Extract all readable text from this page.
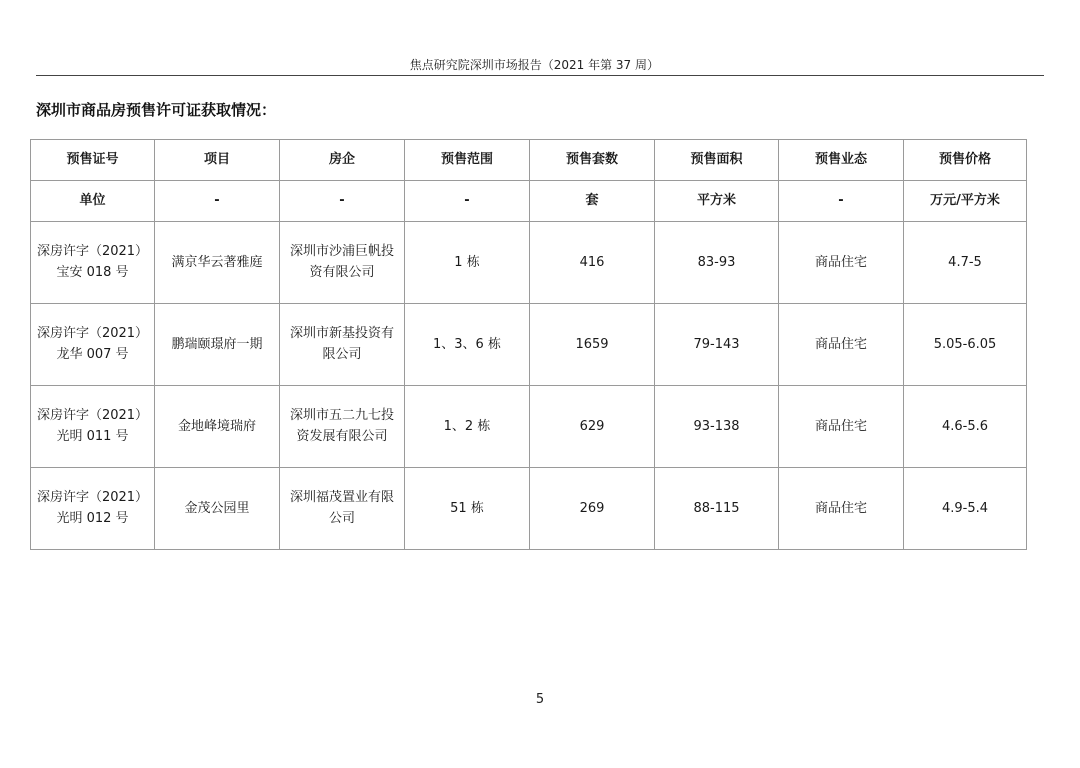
焦点研究院深圳市场报告（2021 年第 37 周）
深圳市商品房预售许可证获取情况：
预售证号	项目	房企	预售范围	预售套数	预售面积	预售业态	预售价格
单位	-	-	-	套	平方米	-	万元/平方米

深房许字（2021）
宝安 018 号	满京华云著雅庭	深圳市沙浦巨帆投
资有限公司	1 栋	416	83-93	商品住宅	4.7-5

深房许字（2021）
龙华 007 号	鹏瑞颐璟府一期	深圳市新基投资有
限公司	1、3、6 栋	1659	79-143	商品住宅	5.05-6.05

深房许字（2021）
光明 011 号	金地峰境瑞府	深圳市五二九七投
资发展有限公司	1、2 栋	629	93-138	商品住宅	4.6-5.6

深房许字（2021）
光明 012 号	金茂公园里	深圳福茂置业有限
公司	51 栋	269	88-115	商品住宅	4.9-5.4
5
